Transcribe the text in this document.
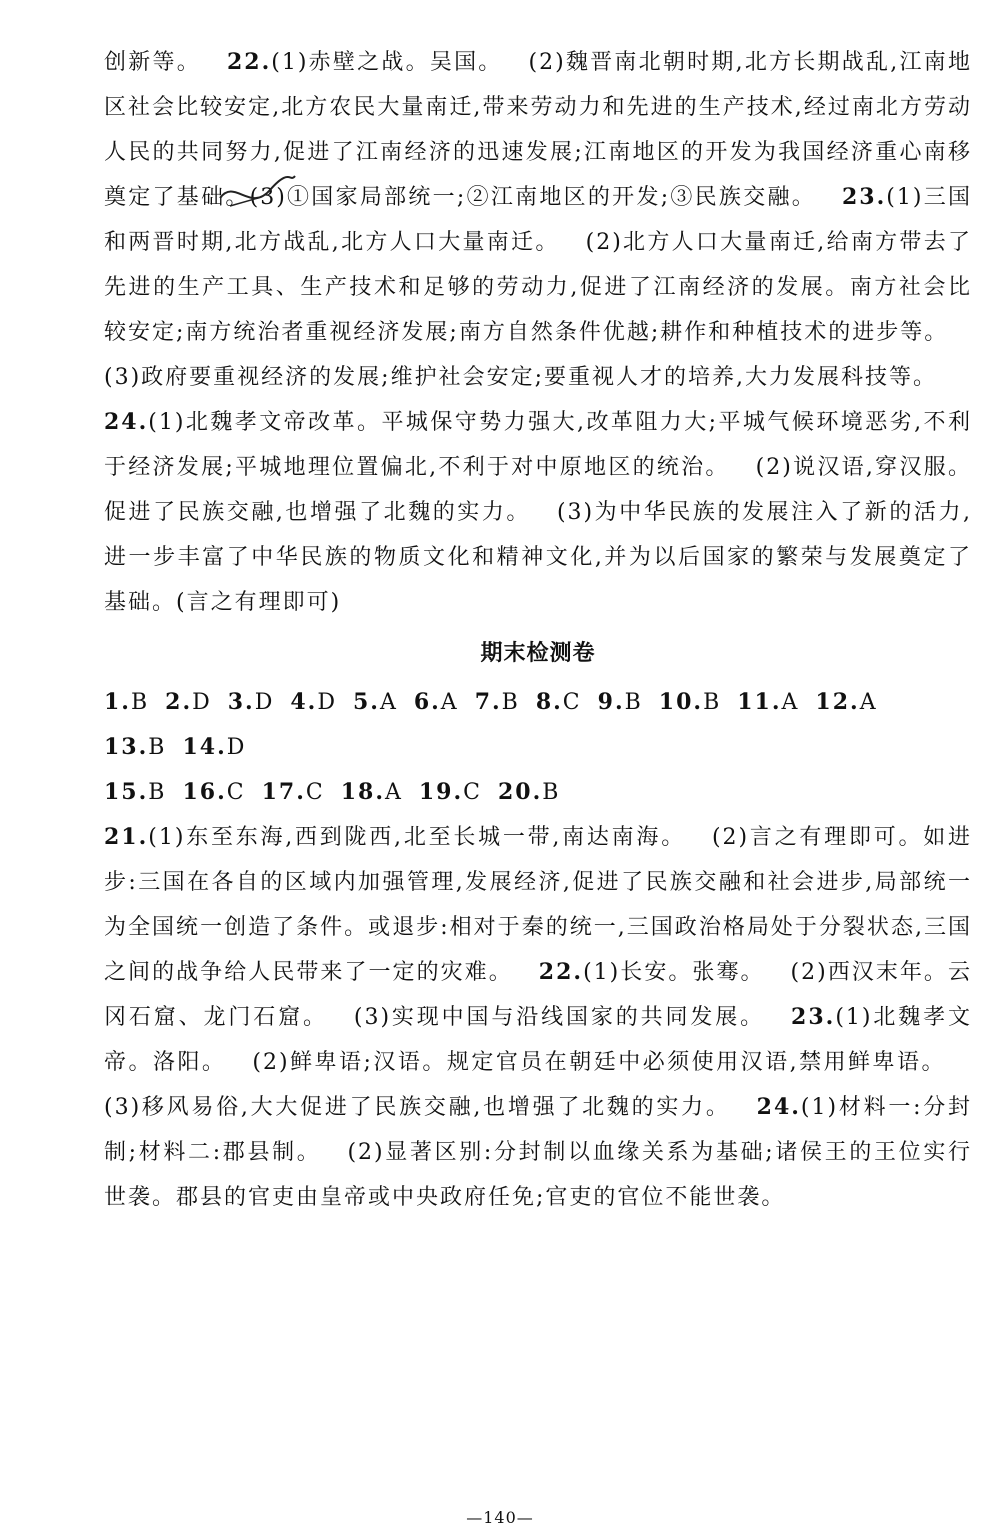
创新等。 22.(1)赤壁之战。吴国。 (2)魏晋南北朝时期,北方长期战乱,江南地区社会比较安定,北方农民大量南迁,带来劳动力和先进的生产技术,经过南北方劳动人民的共同努力,促进了江南经济的迅速发展;江南地区的开发为我国经济重心南移奠定了基础。(3)①国家局部统一;②江南地区的开发;③民族交融。 23.(1)三国和两晋时期,北方战乱,北方人口大量南迁。 (2)北方人口大量南迁,给南方带去了先进的生产工具、生产技术和足够的劳动力,促进了江南经济的发展。南方社会比较安定;南方统治者重视经济发展;南方自然条件优越;耕作和种植技术的进步等。

(3)政府要重视经济的发展;维护社会安定;要重视人才的培养,大力发展科技等。

24.(1)北魏孝文帝改革。平城保守势力强大,改革阻力大;平城气候环境恶劣,不利于经济发展;平城地理位置偏北,不利于对中原地区的统治。 (2)说汉语,穿汉服。促进了民族交融,也增强了北魏的实力。 (3)为中华民族的发展注入了新的活力,进一步丰富了中华民族的物质文化和精神文化,并为以后国家的繁荣与发展奠定了基础。(言之有理即可)

期末检测卷

1.B 2.D 3.D 4.D 5.A 6.A 7.B 8.C 9.B 10.B 11.A 12.A13.B 14.D

15.B 16.C 17.C 18.A 19.C 20.B

21.(1)东至东海,西到陇西,北至长城一带,南达南海。 (2)言之有理即可。如进步:三国在各自的区域内加强管理,发展经济,促进了民族交融和社会进步,局部统一为全国统一创造了条件。或退步:相对于秦的统一,三国政治格局处于分裂状态,三国之间的战争给人民带来了一定的灾难。 22.(1)长安。张骞。 (2)西汉末年。云冈石窟、龙门石窟。 (3)实现中国与沿线国家的共同发展。 23.(1)北魏孝文帝。洛阳。 (2)鲜卑语;汉语。规定官员在朝廷中必须使用汉语,禁用鲜卑语。(3)移风易俗,大大促进了民族交融,也增强了北魏的实力。 24.(1)材料一:分封制;材料二:郡县制。 (2)显著区别:分封制以血缘关系为基础;诸侯王的王位实行世袭。郡县的官吏由皇帝或中央政府任免;官吏的官位不能世袭。

—140—
